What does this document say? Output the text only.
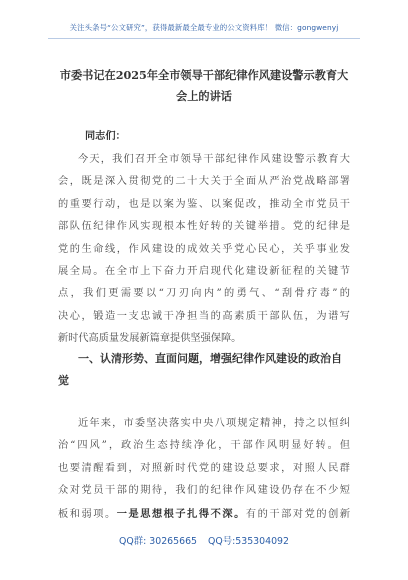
关注头条号“公文研究”，获得最新最全最专业的公文资料库！ 微信：gongwenyj
市委书记在2025年全市领导干部纪律作风建设警示教育大
会上的讲话
同志们：
今天，我们召开全市领导干部纪律作风建设警示教育大
会，既是深入贯彻党的二十大关于全面从严治党战略部署
的重要行动，也是以案为鉴、以案促改，推动全市党员干
部队伍纪律作风实现根本性好转的关键举措。党的纪律是
党的生命线，作风建设的成效关乎党心民心，关乎事业发
展全局。在全市上下奋力开启现代化建设新征程的关键节
点，我们更需要以“刀刃向内”的勇气、“刮骨疗毒”的
决心，锻造一支忠诚干净担当的高素质干部队伍，为谱写
新时代高质量发展新篇章提供坚强保障。
一、认清形势、直面问题，增强纪律作风建设的政治自
觉
近年来，市委坚决落实中央八项规定精神，持之以恒纠
治“四风”，政治生态持续净化，干部作风明显好转。但
也要清醒看到，对照新时代党的建设总要求，对照人民群
众对党员干部的期待，我们的纪律作风建设仍存在不少短
板和弱项。一是思想根子扎得不深。有的干部对党的创新
QQ群: 30265665 QQ号:535304092
